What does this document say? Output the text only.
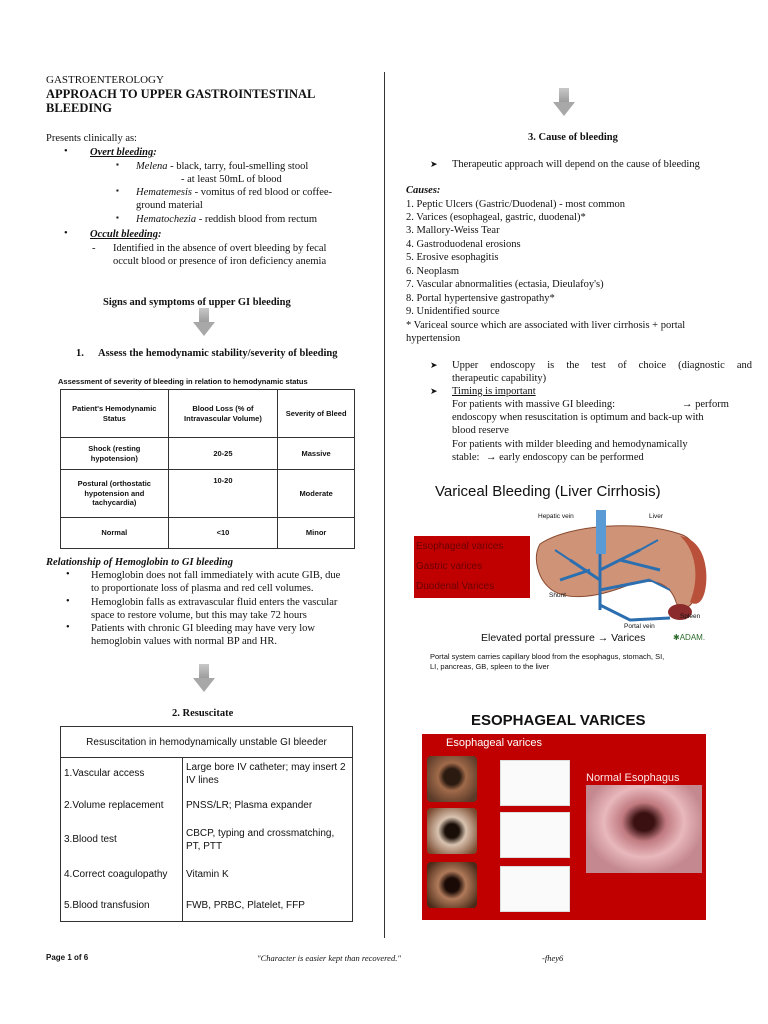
GASTROENTEROLOGY
APPROACH TO UPPER GASTROINTESTINAL
BLEEDING
Presents clinically as:
• Overt bleeding:
▪ Melena - black, tarry, foul-smelling stool
- at least 50mL of blood
▪ Hematemesis - vomitus of red blood or coffee-
ground material
▪ Hematochezia - reddish blood from rectum
• Occult bleeding:
- Identified in the absence of overt bleeding by fecal
occult blood or presence of iron deficiency anemia
Signs and symptoms of upper GI bleeding
1. Assess the hemodynamic stability/severity of bleeding
Assessment of severity of bleeding in relation to hemodynamic status
Patient's Hemodynamic Status	Blood Loss (% of Intravascular Volume)	Severity of Bleed
Shock (resting hypotension)	20-25	Massive
Postural (orthostatic hypotension and tachycardia)	10-20	Moderate
Normal	<10	Minor
Relationship of Hemoglobin to GI bleeding
• Hemoglobin does not fall immediately with acute GIB, due
to proportionate loss of plasma and red cell volumes.
• Hemoglobin falls as extravascular fluid enters the vascular
space to restore volume, but this may take 72 hours
• Patients with chronic GI bleeding may have very low
hemoglobin values with normal BP and HR.
2. Resuscitate
Resuscitation in hemodynamically unstable GI bleeder
1.Vascular access	Large bore IV catheter; may insert 2 IV lines
2.Volume replacement	PNSS/LR; Plasma expander
3.Blood test	CBCP, typing and crossmatching, PT, PTT
4.Correct coagulopathy	Vitamin K
5.Blood transfusion	FWB, PRBC, Platelet, FFP
3. Cause of bleeding
➤ Therapeutic approach will depend on the cause of bleeding
Causes:
1. Peptic Ulcers (Gastric/Duodenal) - most common
2. Varices (esophageal, gastric, duodenal)*
3. Mallory-Weiss Tear
4. Gastroduodenal erosions
5. Erosive esophagitis
6. Neoplasm
7. Vascular abnormalities (ectasia, Dieulafoy's)
8. Portal hypertensive gastropathy*
9. Unidentified source
* Variceal source which are associated with liver cirrhosis + portal
hypertension
➤	Upper endoscopy is the test of choice (diagnostic and
therapeutic capability)
➤	Timing is important
For patients with massive GI bleeding:	→ perform
endoscopy when resuscitation is optimum and back-up with
blood reserve
For patients with milder bleeding and hemodynamically
stable: → early endoscopy can be performed
Variceal Bleeding (Liver Cirrhosis)
Esophageal varices
Gastric varices
Duodenal Varices
Hepatic vein	Liver
Shunt
Portal vein
Spleen
Elevated portal pressure → Varices	✱ADAM.
Portal system carries capillary blood from the esophagus, stomach, SI,
LI, pancreas, GB, spleen to the liver
ESOPHAGEAL VARICES
Esophageal varices
Normal Esophagus
Page 1 of 6	"Character is easier kept than recovered."	-fhey6
